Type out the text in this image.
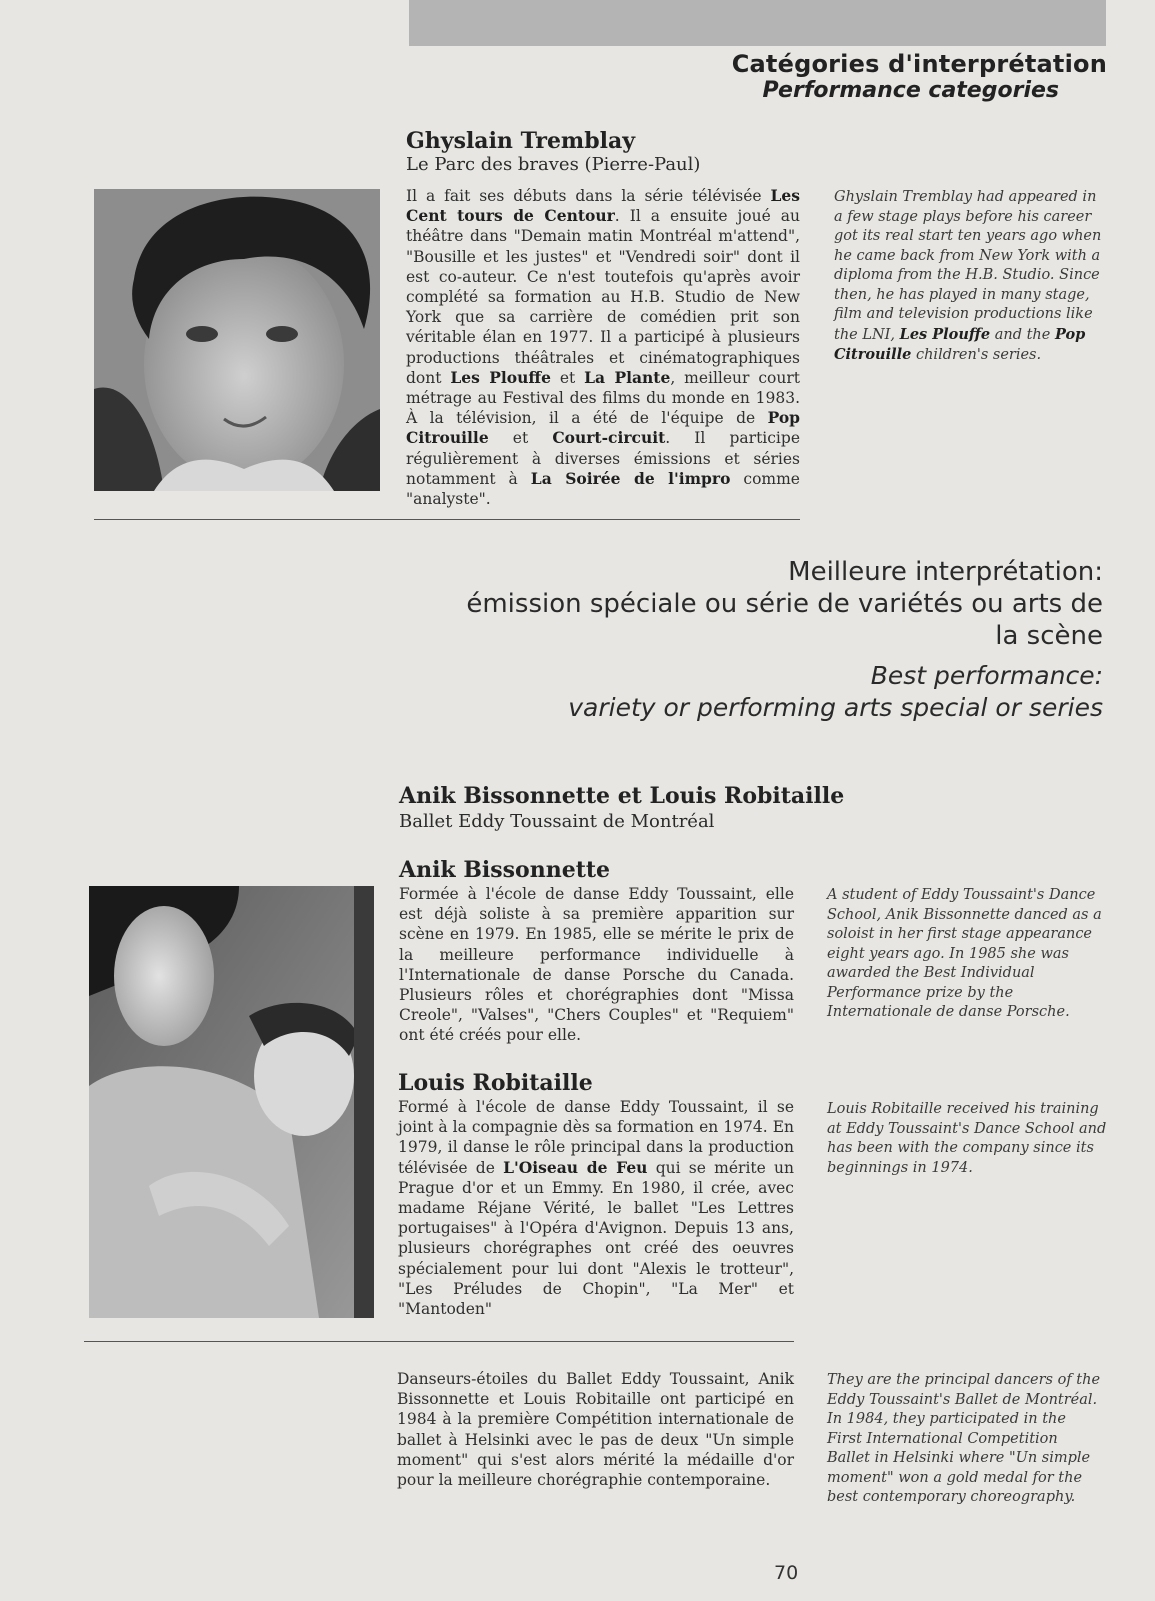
Catégories d'interprétation
Performance categories
Ghyslain Tremblay
Le Parc des braves (Pierre-Paul)
Il a fait ses débuts dans la série télévisée Les Cent tours de Centour. Il a ensuite joué au théâtre dans "Demain matin Montréal m'attend", "Bousille et les justes" et "Vendredi soir" dont il est co-auteur. Ce n'est toutefois qu'après avoir complété sa formation au H.B. Studio de New York que sa carrière de comédien prit son véritable élan en 1977. Il a participé à plusieurs productions théâtrales et cinématographiques dont Les Plouffe et La Plante, meilleur court métrage au Festival des films du monde en 1983. À la télévision, il a été de l'équipe de Pop Citrouille et Court-circuit. Il participe régulièrement à diverses émissions et séries notamment à La Soirée de l'impro comme "analyste".
Ghyslain Tremblay had appeared in a few stage plays before his career got its real start ten years ago when he came back from New York with a diploma from the H.B. Studio. Since then, he has played in many stage, film and television productions like the LNI, Les Plouffe and the Pop Citrouille children's series.
Meilleure interprétation:
émission spéciale ou série de variétés ou arts de
la scène
Best performance:
variety or performing arts special or series
Anik Bissonnette et Louis Robitaille
Ballet Eddy Toussaint de Montréal
Anik Bissonnette
Formée à l'école de danse Eddy Toussaint, elle est déjà soliste à sa première apparition sur scène en 1979. En 1985, elle se mérite le prix de la meilleure performance individuelle à l'Internationale de danse Porsche du Canada. Plusieurs rôles et chorégraphies dont "Missa Creole", "Valses", "Chers Couples" et "Requiem" ont été créés pour elle.
A student of Eddy Toussaint's Dance School, Anik Bissonnette danced as a soloist in her first stage appearance eight years ago. In 1985 she was awarded the Best Individual Performance prize by the Internationale de danse Porsche.
Louis Robitaille
Formé à l'école de danse Eddy Toussaint, il se joint à la compagnie dès sa formation en 1974. En 1979, il danse le rôle principal dans la production télévisée de L'Oiseau de Feu qui se mérite un Prague d'or et un Emmy. En 1980, il crée, avec madame Réjane Vérité, le ballet "Les Lettres portugaises" à l'Opéra d'Avignon. Depuis 13 ans, plusieurs chorégraphes ont créé des oeuvres spécialement pour lui dont "Alexis le trotteur", "Les Préludes de Chopin", "La Mer" et "Mantoden"
Louis Robitaille received his training at Eddy Toussaint's Dance School and has been with the company since its beginnings in 1974.
Danseurs-étoiles du Ballet Eddy Toussaint, Anik Bissonnette et Louis Robitaille ont participé en 1984 à la première Compétition internationale de ballet à Helsinki avec le pas de deux "Un simple moment" qui s'est alors mérité la médaille d'or pour la meilleure chorégraphie contemporaine.
They are the principal dancers of the Eddy Toussaint's Ballet de Montréal. In 1984, they participated in the First International Competition Ballet in Helsinki where "Un simple moment" won a gold medal for the best contemporary choreography.
70
